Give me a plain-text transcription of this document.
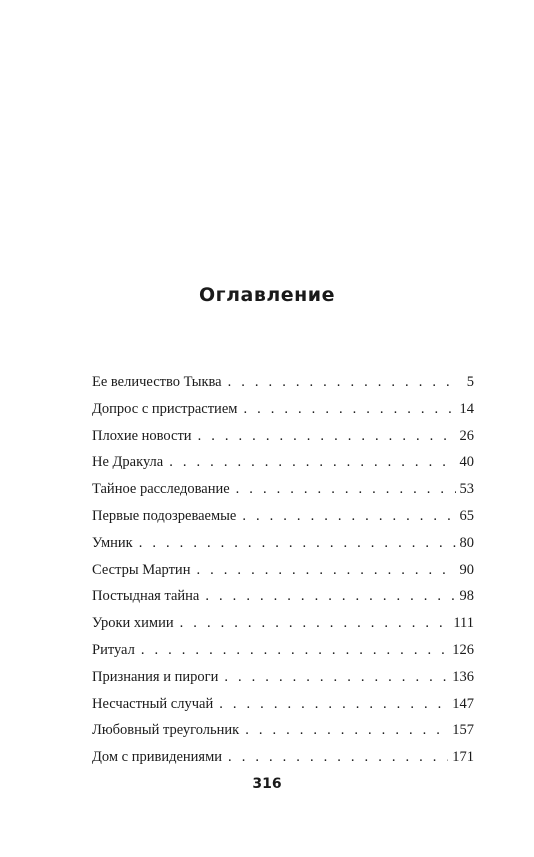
Оглавление
Ее величество Тыква . . .	5
Допрос с пристрастием . . .	14
Плохие новости . . .	26
Не Дракула . . .	40
Тайное расследование . . .	53
Первые подозреваемые . . .	65
Умник . . .	80
Сестры Мартин . . .	90
Постыдная тайна . . .	98
Уроки химии . . .	111
Ритуал . . .	126
Признания и пироги . . .	136
Несчастный случай . . .	147
Любовный треугольник . . .	157
Дом с привидениями . . .	171
316
